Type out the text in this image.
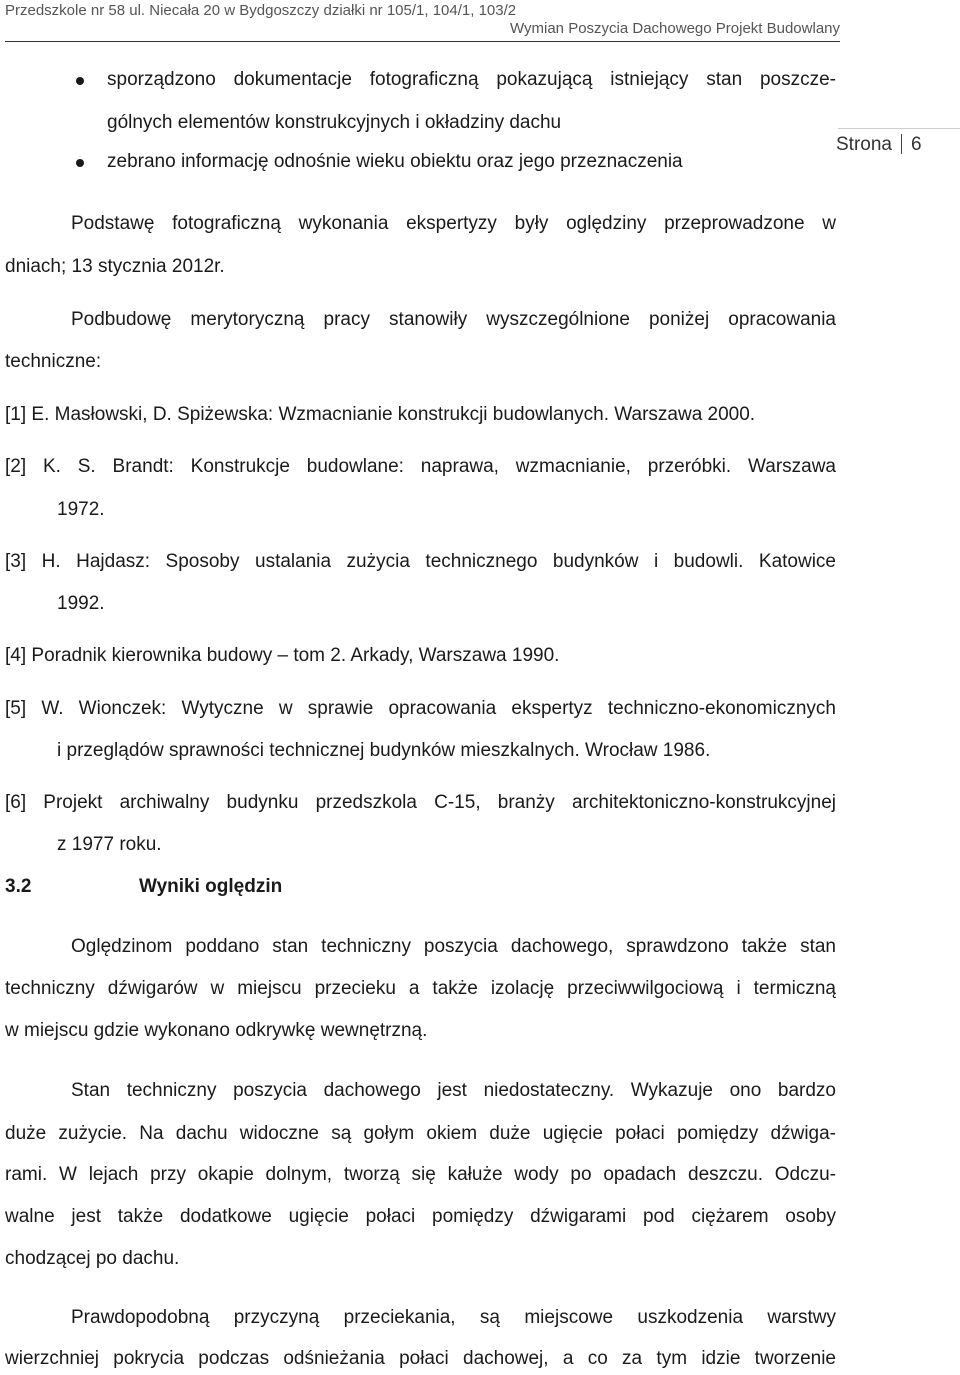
Przedszkole nr 58 ul. Niecała 20 w Bydgoszczy działki nr 105/1, 104/1, 103/2
Wymian Poszycia Dachowego Projekt Budowlany
Strona 6
sporządzono dokumentacje fotograficzną pokazującą istniejący stan poszcze-
gólnych elementów konstrukcyjnych i okładziny dachu
zebrano informację odnośnie wieku obiektu oraz jego przeznaczenia
Podstawę fotograficzną wykonania ekspertyzy były oględziny przeprowadzone w
dniach; 13 stycznia 2012r.
Podbudowę merytoryczną pracy stanowiły wyszczególnione poniżej opracowania
techniczne:
[1] E. Masłowski, D. Spiżewska: Wzmacnianie konstrukcji budowlanych. Warszawa 2000.
[2] K. S. Brandt: Konstrukcje budowlane: naprawa, wzmacnianie, przeróbki. Warszawa
1972.
[3] H. Hajdasz: Sposoby ustalania zużycia technicznego budynków i budowli. Katowice
1992.
[4] Poradnik kierownika budowy – tom 2. Arkady, Warszawa 1990.
[5] W. Wionczek: Wytyczne w sprawie opracowania ekspertyz techniczno-ekonomicznych
i przeglądów sprawności technicznej budynków mieszkalnych. Wrocław 1986.
[6] Projekt archiwalny budynku przedszkola C-15, branży architektoniczno-konstrukcyjnej
z 1977 roku.
3.2	Wyniki oględzin
Oględzinom poddano stan techniczny poszycia dachowego, sprawdzono także stan
techniczny dźwigarów w miejscu przecieku a także izolację przeciwwilgociową i termiczną
w miejscu gdzie wykonano odkrywkę wewnętrzną.
Stan techniczny poszycia dachowego jest niedostateczny. Wykazuje ono bardzo
duże zużycie. Na dachu widoczne są gołym okiem duże ugięcie połaci pomiędzy dźwiga-
rami. W lejach przy okapie dolnym, tworzą się kałuże wody po opadach deszczu. Odczu-
walne jest także dodatkowe ugięcie połaci pomiędzy dźwigarami pod ciężarem osoby
chodzącej po dachu.
Prawdopodobną przyczyną przeciekania, są miejscowe uszkodzenia warstwy
wierzchniej pokrycia podczas odśnieżania połaci dachowej, a co za tym idzie tworzenie
